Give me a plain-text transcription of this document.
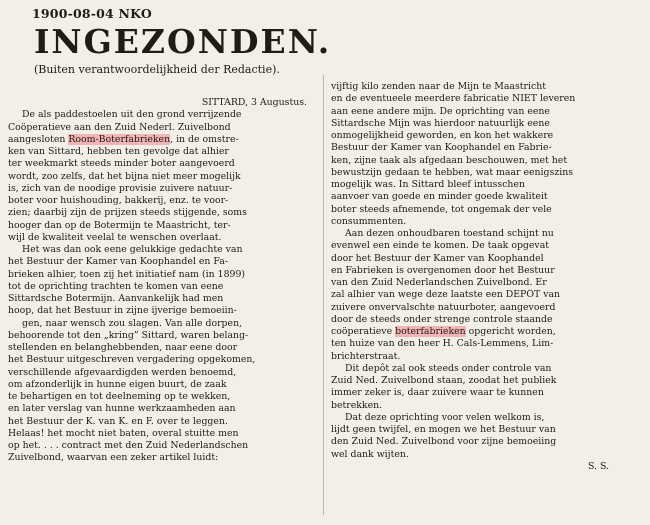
1900-08-04 NKO
INGEZONDEN.
(Buiten verantwoordelijkheid der Redactie).
SITTARD, 3 Augustus.
De als paddestoelen uit den grond verrijzende
Coöperatieve aan den Zuid Nederl. Zuivelbond
aangesloten Room-Boterfabrieken, in de omstre-
ken van Sittard, hebben ten gevolge dat alhier
ter weekmarkt steeds minder boter aangevoerd
wordt, zoo zelfs, dat het bijna niet meer mogelijk
is, zich van de noodige provisie zuivere natuur-
boter voor huishouding, bakkerij, enz. te voor-
zien; daarbij zijn de prijzen steeds stijgende, soms
hooger dan op de Botermijn te Maastricht, ter-
wijl de kwaliteit veelal te wenschen overlaat.
Het was dan ook eene gelukkige gedachte van
het Bestuur der Kamer van Koophandel en Fa-
brieken alhier, toen zij het initiatief nam (in 1899)
tot de oprichting trachten te komen van eene
Sittardsche Botermijn. Aanvankelijk had men
hoop, dat het Bestuur in zijne ijverige bemoeiin-
gen, naar wensch zou slagen. Van alle dorpen,
behoorende tot den „kring” Sittard, waren belang-
stellenden en belanghebbenden, naar eene door
het Bestuur uitgeschreven vergadering opgekomen,
verschillende afgevaardigden werden benoemd,
om afzonderlijk in hunne eigen buurt, de zaak
te behartigen en tot deelneming op te wekken,
en later verslag van hunne werkzaamheden aan
het Bestuur der K. van K. en F. over te leggen.
Helaas! het mocht niet baten, overal stuitte men
op het. . . . contract met den Zuid Nederlandschen
Zuivelbond, waarvan een zeker artikel luidt:
vijftig kilo zenden naar de Mijn te Maastricht
en de eventueele meerdere fabricatie NIET leveren
aan eene andere mijn. De oprichting van eene
Sittardsche Mijn was hierdoor natuurlijk eene
onmogelijkheid geworden, en kon het wakkere
Bestuur der Kamer van Koophandel en Fabrie-
ken, zijne taak als afgedaan beschouwen, met het
bewustzijn gedaan te hebben, wat maar eenigszins
mogelijk was. In Sittard bleef intusschen
aanvoer van goede en minder goede kwaliteit
boter steeds afnemende, tot ongemak der vele
consummenten.
Aan dezen onhoudbaren toestand schijnt nu
evenwel een einde te komen. De taak opgevat
door het Bestuur der Kamer van Koophandel
en Fabrieken is overgenomen door het Bestuur
van den Zuid Nederlandschen Zuivelbond. Er
zal alhier van wege deze laatste een DEPÔT van
zuivere onvervalschte natuurboter, aangevoerd
door de steeds onder strenge controle staande
coöperatieve boterfabrieken opgericht worden,
ten huize van den heer H. Cals-Lemmens, Lim-
brichterstraat.
Dit depôt zal ook steeds onder controle van
Zuid Ned. Zuivelbond staan, zoodat het publiek
immer zeker is, daar zuivere waar te kunnen
betrekken.
Dat deze oprichting voor velen welkom is,
lijdt geen twijfel, en mogen we het Bestuur van
den Zuid Ned. Zuivelbond voor zijne bemoeiing
wel dank wijten.
S. S.
